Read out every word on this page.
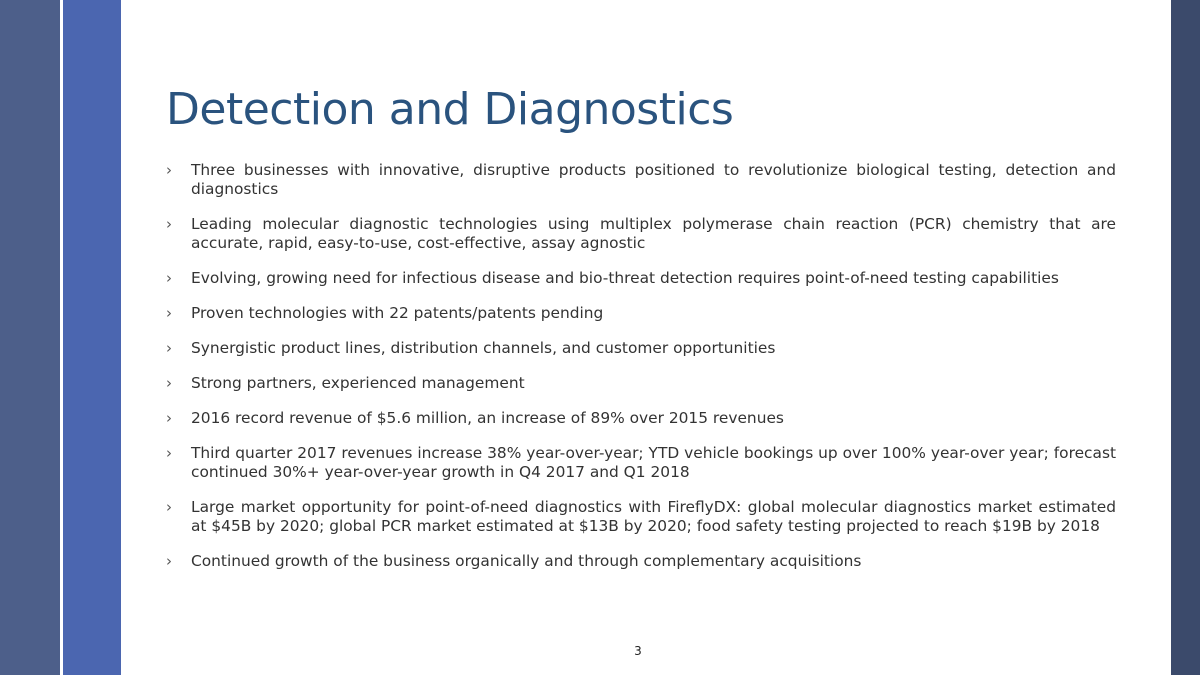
Detection and Diagnostics
› Three businesses with innovative, disruptive products positioned to revolutionize biological testing, detection and diagnostics
› Leading molecular diagnostic technologies using multiplex polymerase chain reaction (PCR) chemistry that are accurate, rapid, easy-to-use, cost-effective, assay agnostic
› Evolving, growing need for infectious disease and bio-threat detection requires point-of-need testing capabilities
› Proven technologies with 22 patents/patents pending
› Synergistic product lines, distribution channels, and customer opportunities
› Strong partners, experienced management
› 2016 record revenue of $5.6 million, an increase of 89% over 2015 revenues
› Third quarter 2017 revenues increase 38% year-over-year; YTD vehicle bookings up over 100% year-over year; forecast continued 30%+ year-over-year growth in Q4 2017 and Q1 2018
› Large market opportunity for point-of-need diagnostics with FireflyDX: global molecular diagnostics market estimated at $45B by 2020; global PCR market estimated at $13B by 2020; food safety testing projected to reach $19B by 2018
› Continued growth of the business organically and through complementary acquisitions
3
